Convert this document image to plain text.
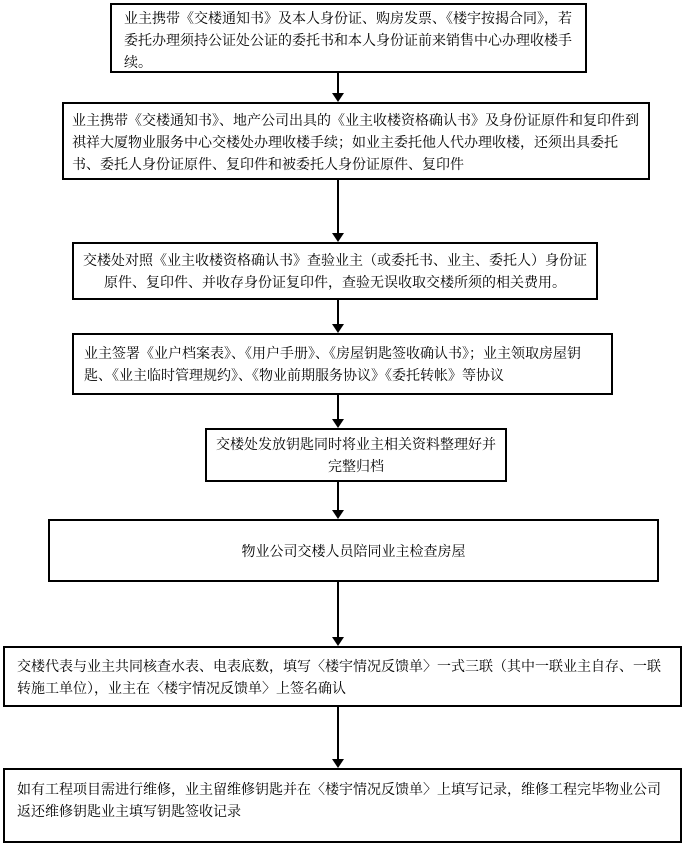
业主携带《交楼通知书》及本人身份证、购房发票、《楼宇按揭合同》，若委托办理须持公证处公证的委托书和本人身份证前来销售中心办理收楼手续。
业主携带《交楼通知书》、地产公司出具的《业主收楼资格确认书》及身份证原件和复印件到祺祥大厦物业服务中心交楼处办理收楼手续；如业主委托他人代办理收楼，还须出具委托书、委托人身份证原件、复印件和被委托人身份证原件、复印件
交楼处对照《业主收楼资格确认书》查验业主（或委托书、业主、委托人）身份证原件、复印件、并收存身份证复印件，查验无误收取交楼所须的相关费用。
业主签署《业户档案表》、《用户手册》、《房屋钥匙签收确认书》；业主领取房屋钥匙、《业主临时管理规约》、《物业前期服务协议》《委托转帐》等协议
交楼处发放钥匙同时将业主相关资料整理好并完整归档
物业公司交楼人员陪同业主检查房屋
交楼代表与业主共同核查水表、电表底数，填写〈楼宇情况反馈单〉一式三联（其中一联业主自存、一联转施工单位），业主在〈楼宇情况反馈单〉上签名确认
如有工程项目需进行维修，业主留维修钥匙并在〈楼宇情况反馈单〉上填写记录，维修工程完毕物业公司返还维修钥匙业主填写钥匙签收记录
